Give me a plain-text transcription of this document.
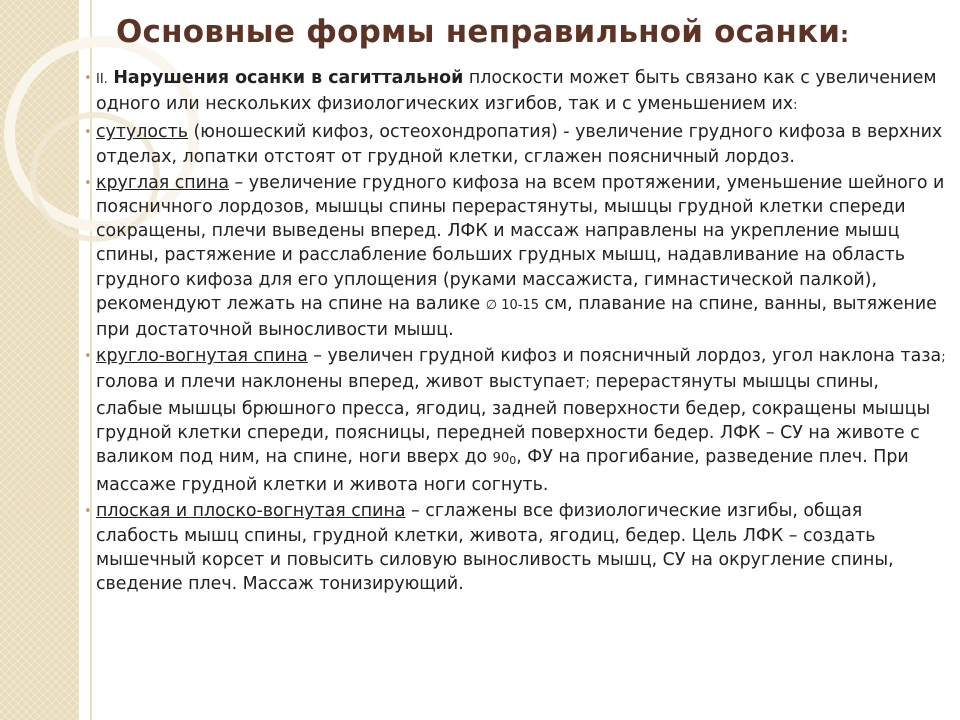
Основные формы неправильной осанки:
• II. Нарушения осанки в сагиттальной плоскости может быть связано как с увеличением одного или нескольких физиологических изгибов, так и с уменьшением их:
• сутулость (юношеский кифоз, остеохондропатия) - увеличение грудного кифоза в верхних отделах, лопатки отстоят от грудной клетки, сглажен поясничный лордоз.
• круглая спина – увеличение грудного кифоза на всем протяжении, уменьшение шейного и поясничного лордозов, мышцы спины перерастянуты, мышцы грудной клетки спереди сокращены, плечи выведены вперед. ЛФК и массаж направлены на укрепление мышц спины, растяжение и расслабление больших грудных мышц, надавливание на область грудного кифоза для его уплощения (руками массажиста, гимнастической палкой), рекомендуют лежать на спине на валике ∅ 10-15 см, плавание на спине, ванны, вытяжение при достаточной выносливости мышц.
• кругло-вогнутая спина – увеличен грудной кифоз и поясничный лордоз, угол наклона таза; голова и плечи наклонены вперед, живот выступает; перерастянуты мышцы спины, слабые мышцы брюшного пресса, ягодиц, задней поверхности бедер, сокращены мышцы грудной клетки спереди, поясницы, передней поверхности бедер. ЛФК – СУ на животе с валиком под ним, на спине, ноги вверх до 900, ФУ на прогибание, разведение плеч. При массаже грудной клетки и живота ноги согнуть.
• плоская и плоско-вогнутая спина – сглажены все физиологические изгибы, общая слабость мышц спины, грудной клетки, живота, ягодиц, бедер. Цель ЛФК – создать мышечный корсет и повысить силовую выносливость мышц, СУ на округление спины, сведение плеч. Массаж тонизирующий.
